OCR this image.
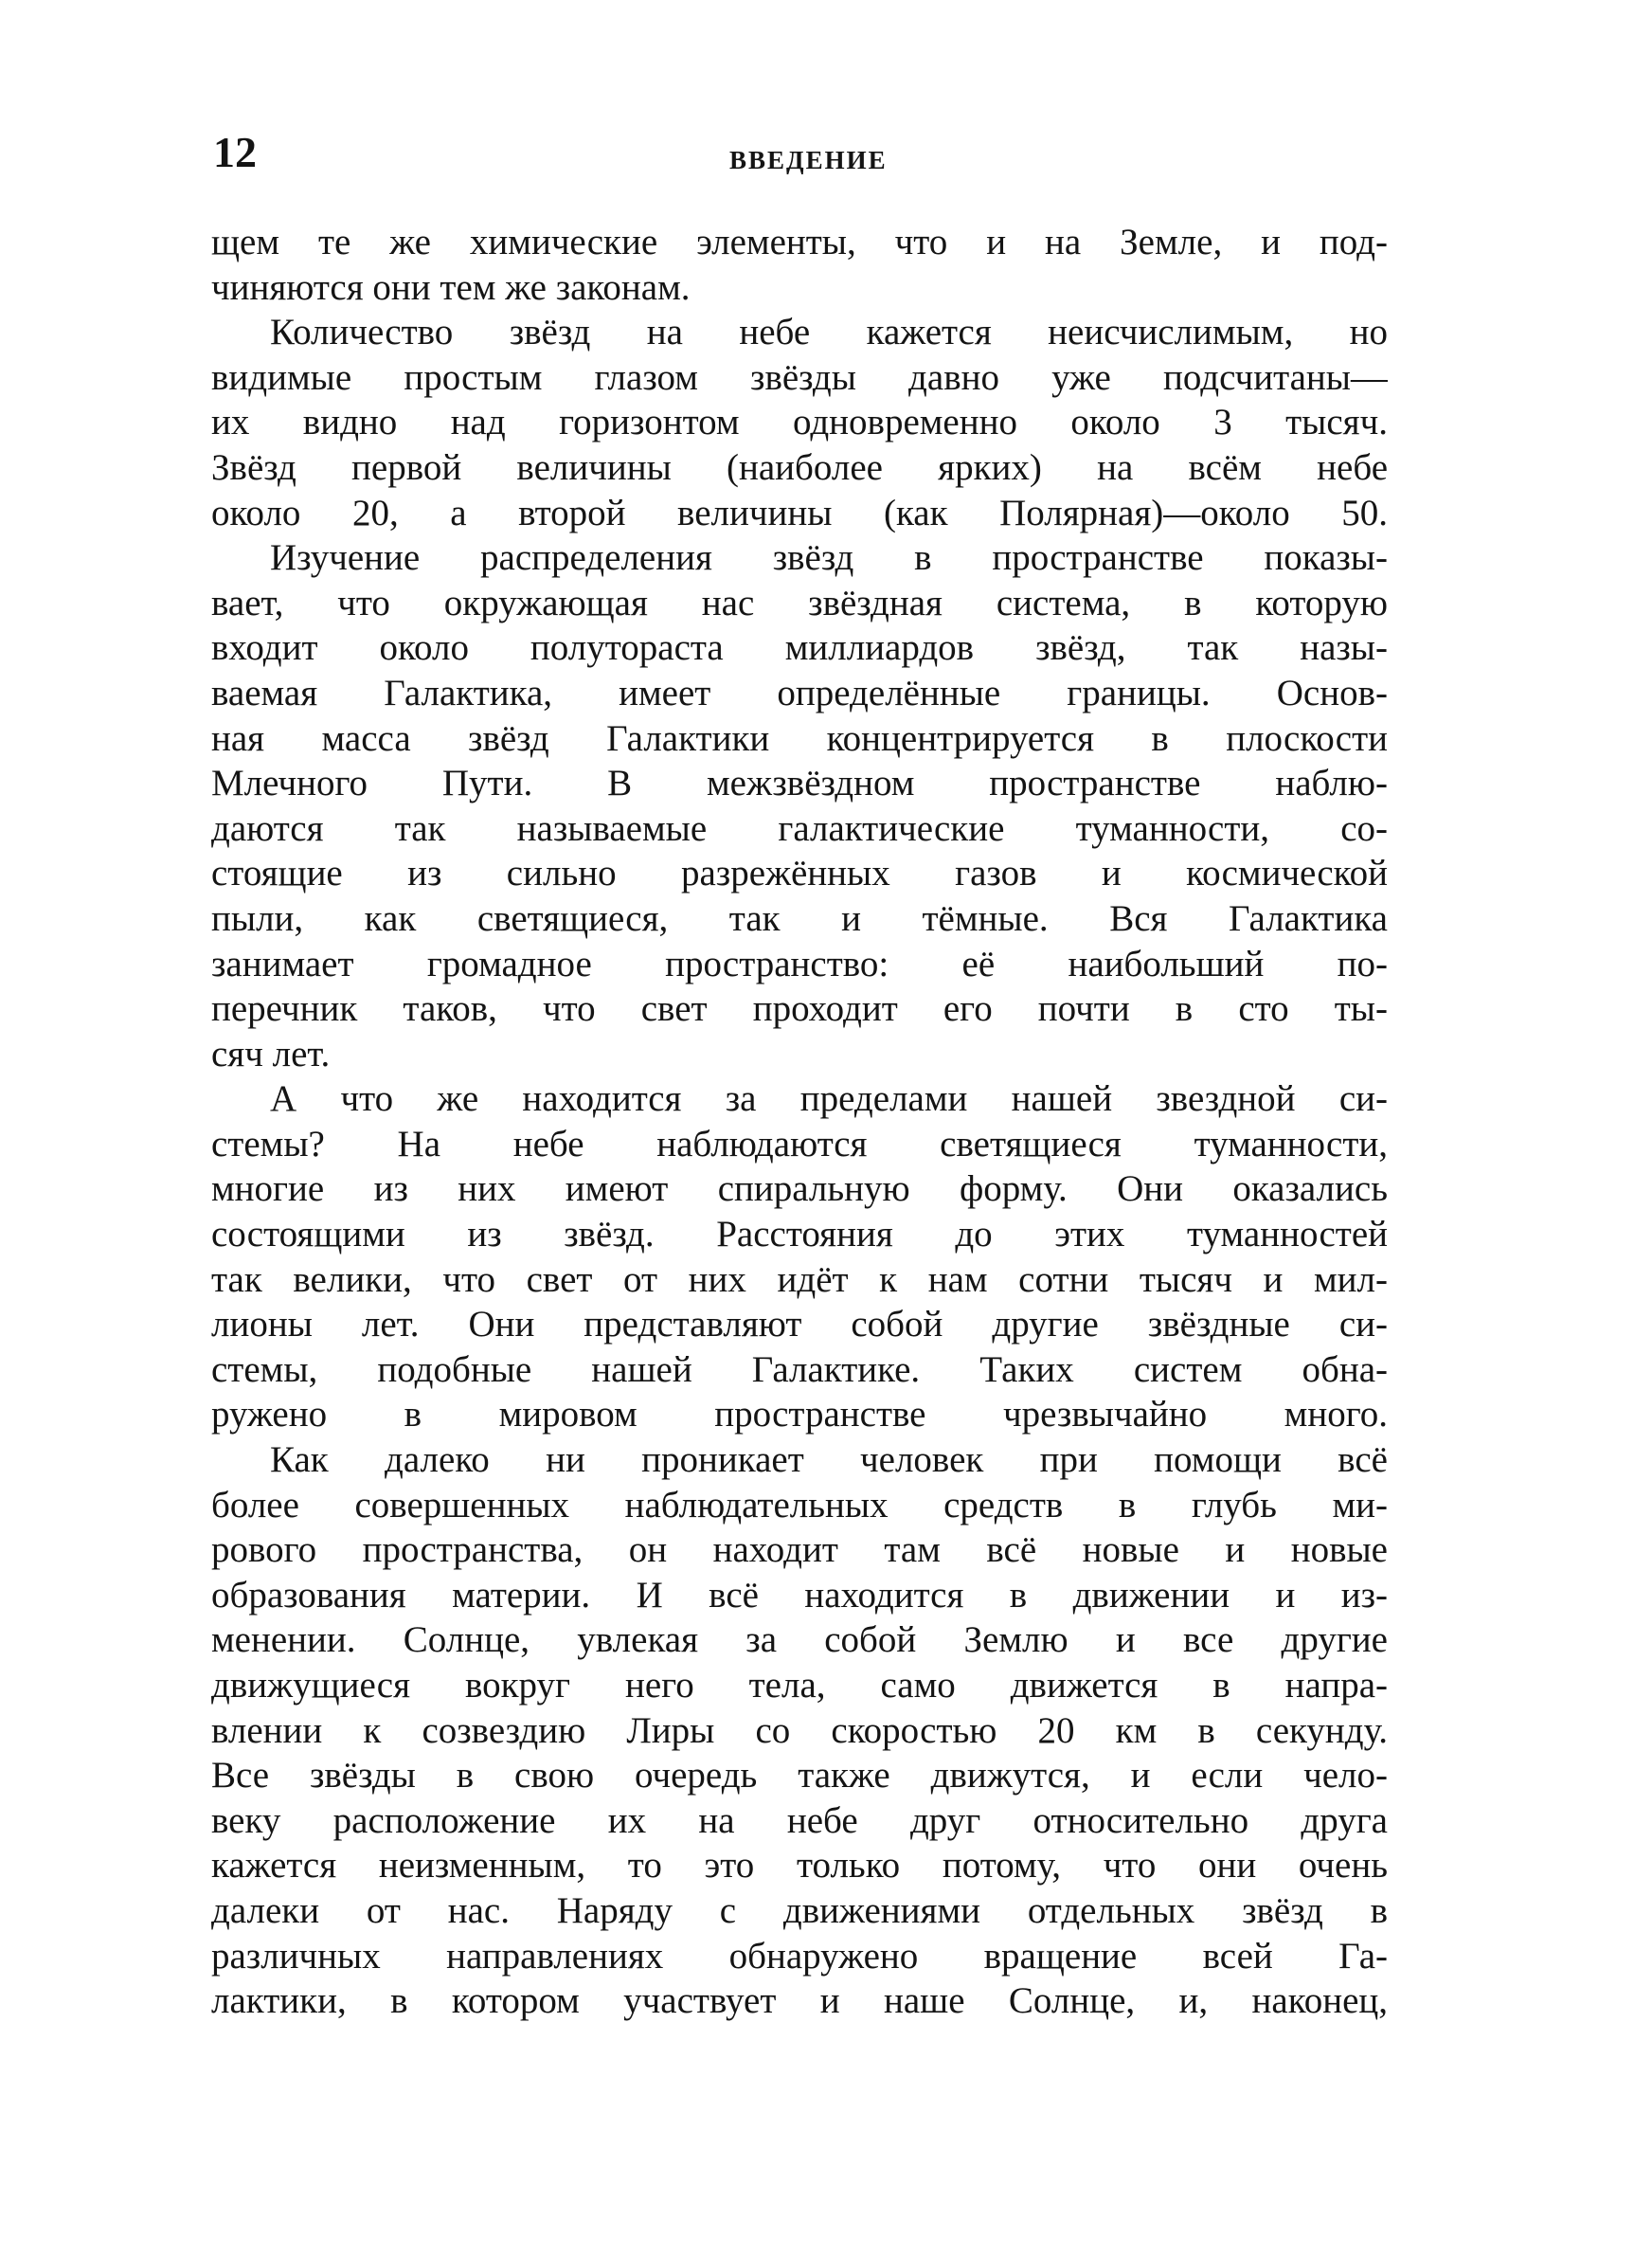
12	ВВЕДЕНИЕ
щем те же химические элементы, что и на Земле, и под-
чиняются они тем же законам.
Количество звёзд на небе кажется неисчислимым, но
видимые простым глазом звёзды давно уже подсчитаны—
их видно над горизонтом одновременно около 3 тысяч.
Звёзд первой величины (наиболее ярких) на всём небе
около 20, а второй величины (как Полярная)—около 50.
Изучение распределения звёзд в пространстве показы-
вает, что окружающая нас звёздная система, в которую
входит около полутораста миллиардов звёзд, так назы-
ваемая Галактика, имеет определённые границы. Основ-
ная масса звёзд Галактики концентрируется в плоскости
Млечного Пути. В межзвёздном пространстве наблю-
даются так называемые галактические туманности, со-
стоящие из сильно разрежённых газов и космической
пыли, как светящиеся, так и тёмные. Вся Галактика
занимает громадное пространство: её наибольший по-
перечник таков, что свет проходит его почти в сто ты-
сяч лет.
А что же находится за пределами нашей звездной си-
стемы? На небе наблюдаются светящиеся туманности,
многие из них имеют спиральную форму. Они оказались
состоящими из звёзд. Расстояния до этих туманностей
так велики, что свет от них идёт к нам сотни тысяч и мил-
лионы лет. Они представляют собой другие звёздные си-
стемы, подобные нашей Галактике. Таких систем обна-
ружено в мировом пространстве чрезвычайно много.
Как далеко ни проникает человек при помощи всё
более совершенных наблюдательных средств в глубь ми-
рового пространства, он находит там всё новые и новые
образования материи. И всё находится в движении и из-
менении. Солнце, увлекая за собой Землю и все другие
движущиеся вокруг него тела, само движется в напра-
влении к созвездию Лиры со скоростью 20 км в секунду.
Все звёзды в свою очередь также движутся, и если чело-
веку расположение их на небе друг относительно друга
кажется неизменным, то это только потому, что они очень
далеки от нас. Наряду с движениями отдельных звёзд в
различных направлениях обнаружено вращение всей Га-
лактики, в котором участвует и наше Солнце, и, наконец,
